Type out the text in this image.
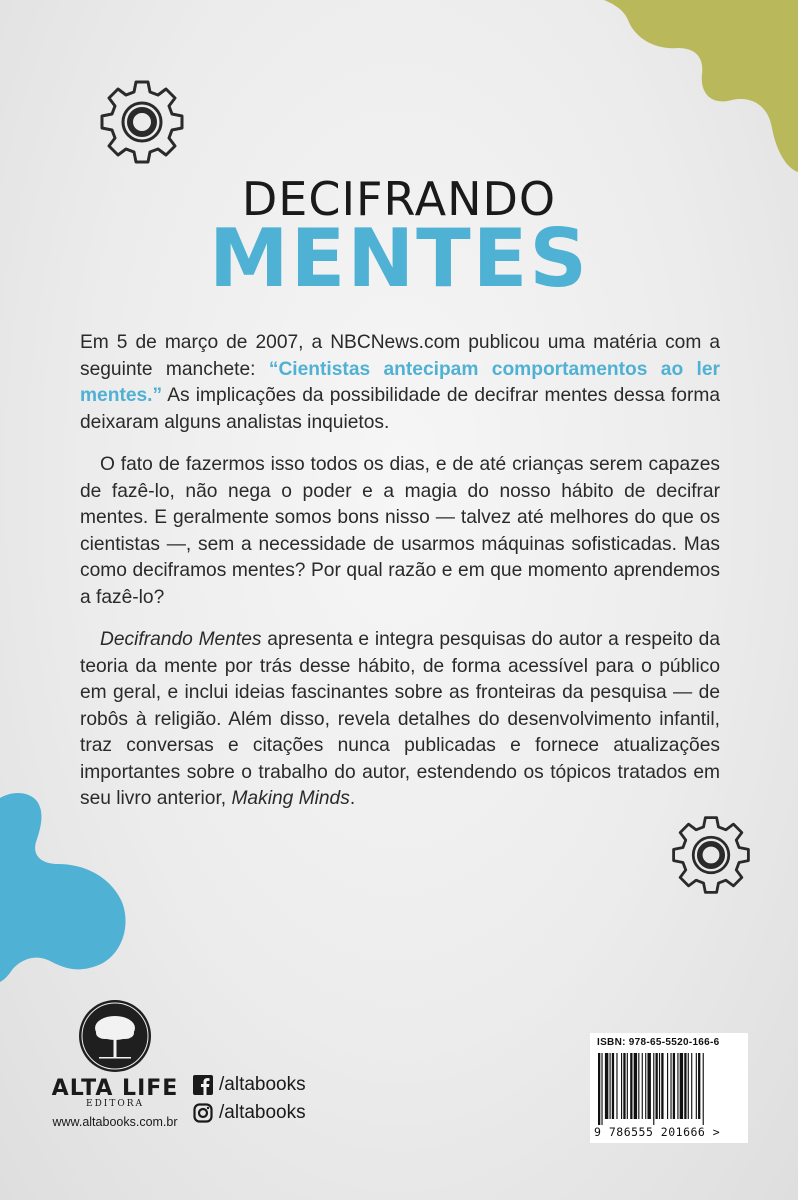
DECIFRANDO
MENTES

Em 5 de março de 2007, a NBCNews.com publicou uma matéria com a seguinte manchete: “Cientistas antecipam comportamentos ao ler mentes.” As implicações da possibilidade de decifrar mentes dessa forma deixaram alguns analistas inquietos.

O fato de fazermos isso todos os dias, e de até crianças serem capazes de fazê-lo, não nega o poder e a magia do nosso hábito de decifrar mentes. E geralmente somos bons nisso — talvez até melhores do que os cientistas —, sem a necessidade de usarmos máquinas sofisticadas. Mas como deciframos mentes? Por qual razão e em que momento aprendemos a fazê-lo?

Decifrando Mentes apresenta e integra pesquisas do autor a respeito da teoria da mente por trás desse hábito, de forma acessível para o público em geral, e inclui ideias fascinantes sobre as fronteiras da pesquisa — de robôs à religião. Além disso, revela detalhes do desenvolvimento infantil, traz conversas e citações nunca publicadas e fornece atualizações importantes sobre o trabalho do autor, estendendo os tópicos tratados em seu livro anterior, Making Minds.

ALTA LIFE
EDITORA
www.altabooks.com.br
/altabooks
/altabooks
ISBN: 978-65-5520-166-6
9 786555 201666 >
